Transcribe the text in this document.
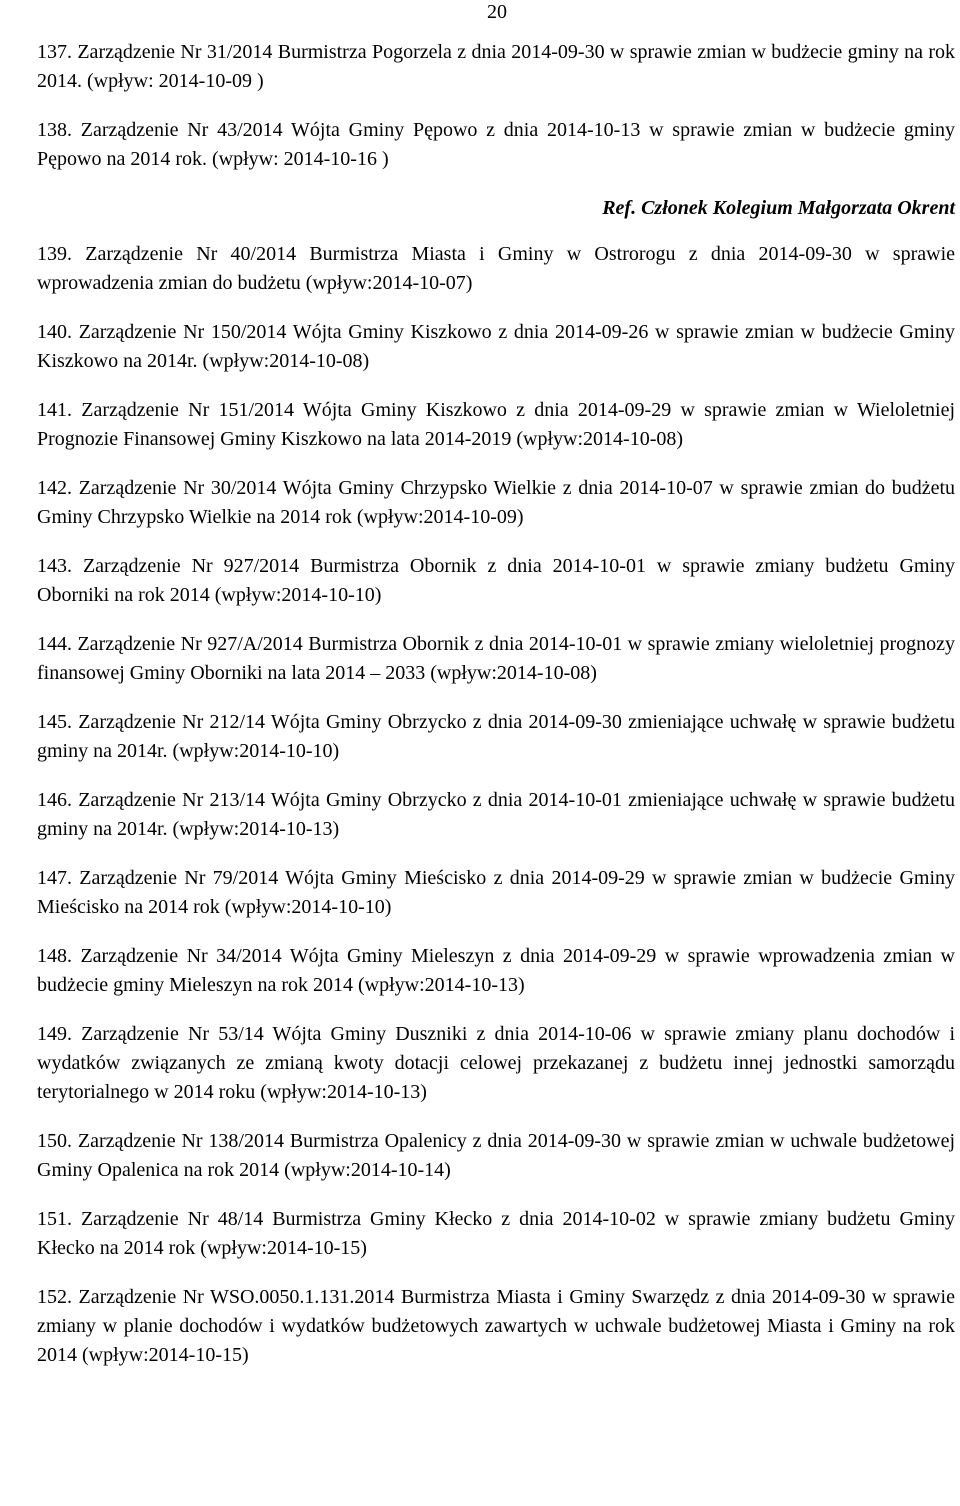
20
137. Zarządzenie Nr 31/2014 Burmistrza Pogorzela z dnia 2014-09-30 w sprawie zmian w budżecie gminy na rok 2014. (wpływ: 2014-10-09 )
138. Zarządzenie Nr 43/2014 Wójta Gminy Pępowo z dnia 2014-10-13 w sprawie zmian w budżecie gminy Pępowo na 2014 rok. (wpływ: 2014-10-16 )
Ref. Członek Kolegium Małgorzata Okrent
139. Zarządzenie Nr 40/2014 Burmistrza Miasta i Gminy w Ostrorogu z dnia 2014-09-30 w sprawie wprowadzenia zmian do budżetu (wpływ:2014-10-07)
140. Zarządzenie Nr 150/2014 Wójta Gminy Kiszkowo z dnia 2014-09-26 w sprawie zmian w budżecie Gminy Kiszkowo na 2014r. (wpływ:2014-10-08)
141. Zarządzenie Nr 151/2014 Wójta Gminy Kiszkowo z dnia 2014-09-29 w sprawie zmian w Wieloletniej Prognozie Finansowej Gminy Kiszkowo na lata 2014-2019 (wpływ:2014-10-08)
142. Zarządzenie Nr 30/2014 Wójta Gminy Chrzypsko Wielkie z dnia 2014-10-07 w sprawie zmian do budżetu Gminy Chrzypsko Wielkie na 2014 rok (wpływ:2014-10-09)
143. Zarządzenie Nr 927/2014 Burmistrza Obornik z dnia 2014-10-01 w sprawie zmiany budżetu Gminy Oborniki na rok 2014 (wpływ:2014-10-10)
144. Zarządzenie Nr 927/A/2014 Burmistrza Obornik z dnia 2014-10-01 w sprawie zmiany wieloletniej prognozy finansowej Gminy Oborniki na lata 2014 – 2033 (wpływ:2014-10-08)
145. Zarządzenie Nr 212/14 Wójta Gminy Obrzycko z dnia 2014-09-30 zmieniające uchwałę w sprawie budżetu gminy na 2014r. (wpływ:2014-10-10)
146. Zarządzenie Nr 213/14 Wójta Gminy Obrzycko z dnia 2014-10-01 zmieniające uchwałę w sprawie budżetu gminy na 2014r. (wpływ:2014-10-13)
147. Zarządzenie Nr 79/2014 Wójta Gminy Mieścisko z dnia 2014-09-29 w sprawie zmian w budżecie Gminy Mieścisko na 2014 rok (wpływ:2014-10-10)
148. Zarządzenie Nr 34/2014 Wójta Gminy Mieleszyn z dnia 2014-09-29 w sprawie wprowadzenia zmian w budżecie gminy Mieleszyn na rok 2014 (wpływ:2014-10-13)
149. Zarządzenie Nr 53/14 Wójta Gminy Duszniki z dnia 2014-10-06 w sprawie zmiany planu dochodów i wydatków związanych ze zmianą kwoty dotacji celowej przekazanej z budżetu innej jednostki samorządu terytorialnego w 2014 roku (wpływ:2014-10-13)
150. Zarządzenie Nr 138/2014 Burmistrza Opalenicy z dnia 2014-09-30 w sprawie zmian w uchwale budżetowej Gminy Opalenica na rok 2014 (wpływ:2014-10-14)
151. Zarządzenie Nr 48/14 Burmistrza Gminy Kłecko z dnia 2014-10-02 w sprawie zmiany budżetu Gminy Kłecko na 2014 rok (wpływ:2014-10-15)
152. Zarządzenie Nr WSO.0050.1.131.2014 Burmistrza Miasta i Gminy Swarzędz z dnia 2014-09-30 w sprawie zmiany w planie dochodów i wydatków budżetowych zawartych w uchwale budżetowej Miasta i Gminy na rok 2014 (wpływ:2014-10-15)
